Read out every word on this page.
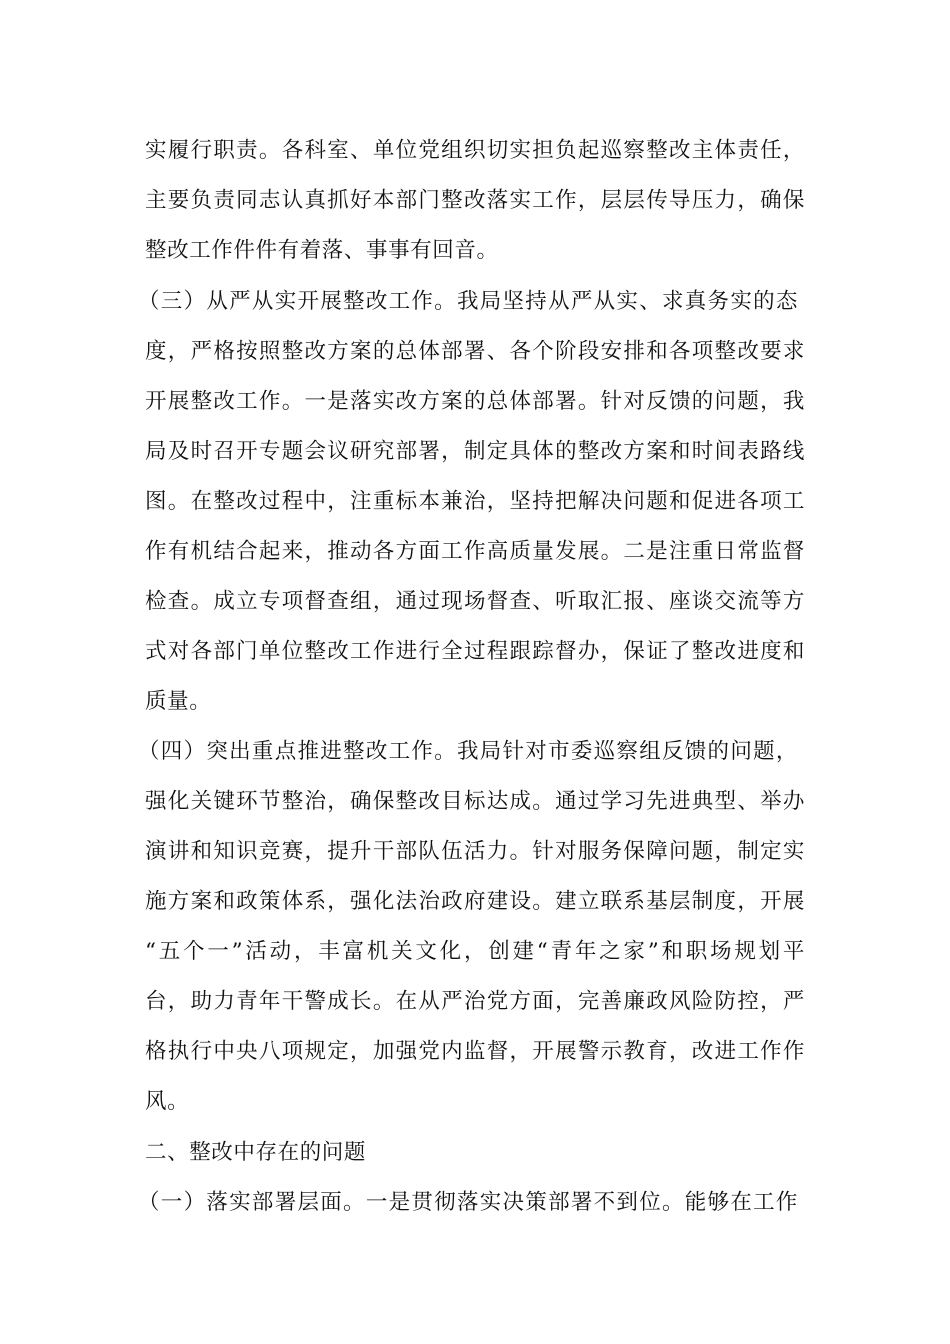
实履行职责。各科室、单位党组织切实担负起巡察整改主体责任，
主要负责同志认真抓好本部门整改落实工作，层层传导压力，确保
整改工作件件有着落、事事有回音。
（三）从严从实开展整改工作。我局坚持从严从实、求真务实的态
度，严格按照整改方案的总体部署、各个阶段安排和各项整改要求
开展整改工作。一是落实改方案的总体部署。针对反馈的问题，我
局及时召开专题会议研究部署，制定具体的整改方案和时间表路线
图。在整改过程中，注重标本兼治，坚持把解决问题和促进各项工
作有机结合起来，推动各方面工作高质量发展。二是注重日常监督
检查。成立专项督查组，通过现场督查、听取汇报、座谈交流等方
式对各部门单位整改工作进行全过程跟踪督办，保证了整改进度和
质量。
（四）突出重点推进整改工作。我局针对市委巡察组反馈的问题，
强化关键环节整治，确保整改目标达成。通过学习先进典型、举办
演讲和知识竞赛，提升干部队伍活力。针对服务保障问题，制定实
施方案和政策体系，强化法治政府建设。建立联系基层制度，开展
“五个一”活动，丰富机关文化，创建“青年之家”和职场规划平
台，助力青年干警成长。在从严治党方面，完善廉政风险防控，严
格执行中央八项规定，加强党内监督，开展警示教育，改进工作作
风。
二、整改中存在的问题
（一）落实部署层面。一是贯彻落实决策部署不到位。能够在工作
